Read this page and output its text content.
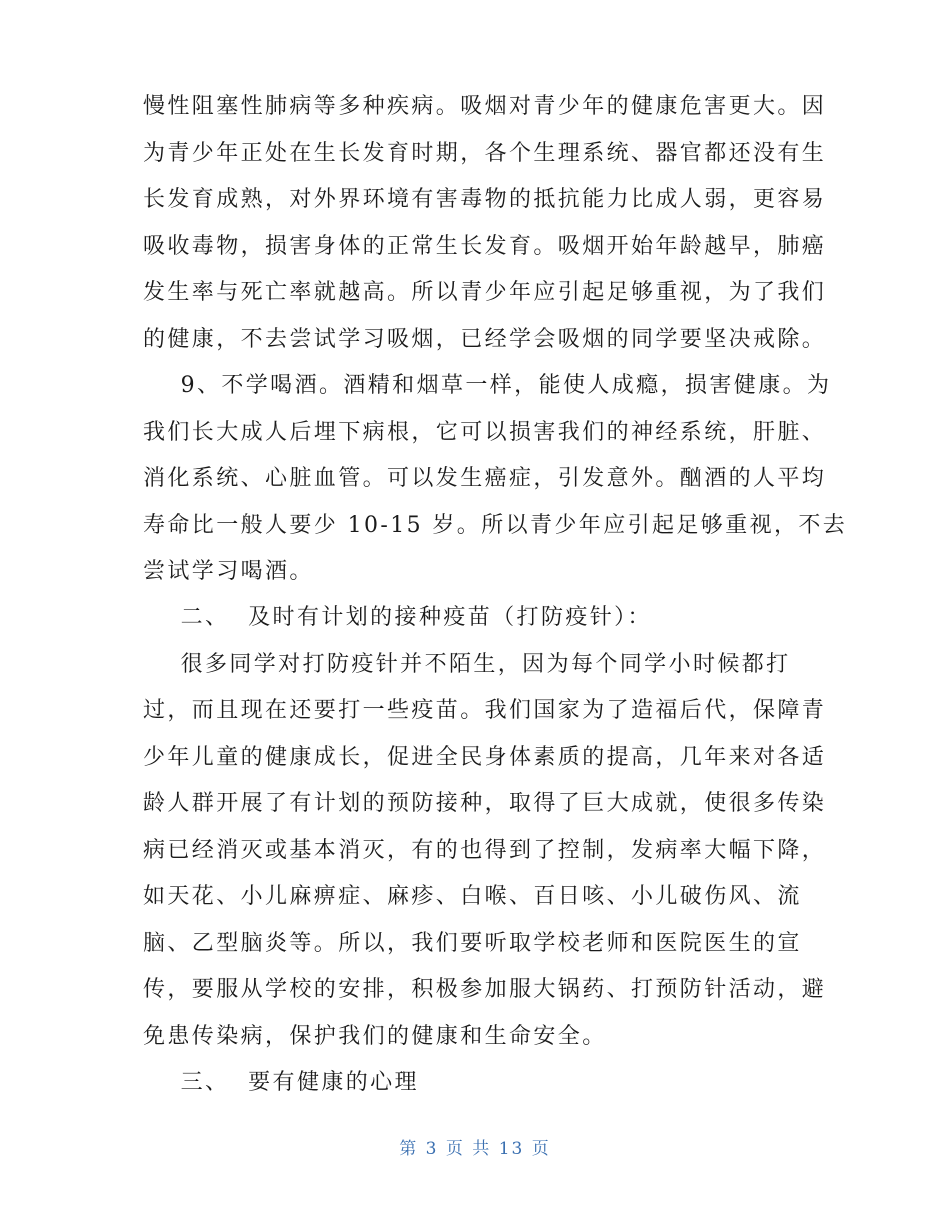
慢性阻塞性肺病等多种疾病。吸烟对青少年的健康危害更大。因
为青少年正处在生长发育时期，各个生理系统、器官都还没有生
长发育成熟，对外界环境有害毒物的抵抗能力比成人弱，更容易
吸收毒物，损害身体的正常生长发育。吸烟开始年龄越早，肺癌
发生率与死亡率就越高。所以青少年应引起足够重视，为了我们
的健康，不去尝试学习吸烟，已经学会吸烟的同学要坚决戒除。
9、不学喝酒。酒精和烟草一样，能使人成瘾，损害健康。为
我们长大成人后埋下病根，它可以损害我们的神经系统，肝脏、
消化系统、心脏血管。可以发生癌症，引发意外。酗酒的人平均
寿命比一般人要少 10-15 岁。所以青少年应引起足够重视，不去
尝试学习喝酒。
二、  及时有计划的接种疫苗（打防疫针）：
很多同学对打防疫针并不陌生，因为每个同学小时候都打
过，而且现在还要打一些疫苗。我们国家为了造福后代，保障青
少年儿童的健康成长，促进全民身体素质的提高，几年来对各适
龄人群开展了有计划的预防接种，取得了巨大成就，使很多传染
病已经消灭或基本消灭，有的也得到了控制，发病率大幅下降，
如天花、小儿麻痹症、麻疹、白喉、百日咳、小儿破伤风、流
脑、乙型脑炎等。所以，我们要听取学校老师和医院医生的宣
传，要服从学校的安排，积极参加服大锅药、打预防针活动，避
免患传染病，保护我们的健康和生命安全。
三、  要有健康的心理
第 3 页 共 13 页
